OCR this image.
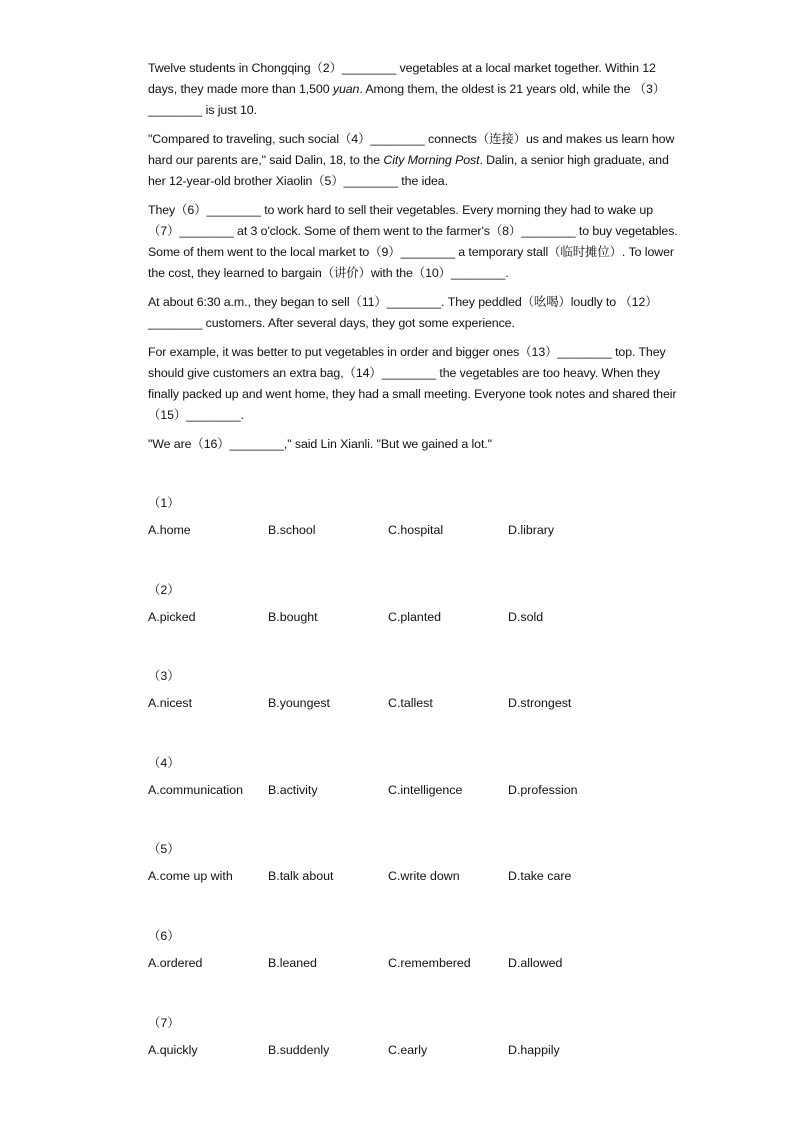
Twelve students in Chongqing（2）________ vegetables at a local market together. Within 12 days, they made more than 1,500 yuan. Among them, the oldest is 21 years old, while the （3）________ is just 10.

"Compared to traveling, such social（4）________ connects（连接）us and makes us learn how hard our parents are," said Dalin, 18, to the City Morning Post. Dalin, a senior high graduate, and her 12-year-old brother Xiaolin（5）________ the idea.

They（6）________ to work hard to sell their vegetables. Every morning they had to wake up（7）________ at 3 o'clock. Some of them went to the farmer's（8）________ to buy vegetables. Some of them went to the local market to（9）________ a temporary stall（临时摊位）. To lower the cost, they learned to bargain（讲价）with the（10）________.

At about 6:30 a.m., they began to sell（11）________. They peddled（吆喝）loudly to （12）________ customers. After several days, they got some experience.

For example, it was better to put vegetables in order and bigger ones（13）________ top. They should give customers an extra bag,（14）________ the vegetables are too heavy. When they finally packed up and went home, they had a small meeting. Everyone took notes and shared their（15）________.

"We are（16）________," said Lin Xianli. "But we gained a lot."

（1）
A.home	B.school	C.hospital	D.library
（2）
A.picked	B.bought	C.planted	D.sold
（3）
A.nicest	B.youngest	C.tallest	D.strongest
（4）
A.communication B.activity	C.intelligence	D.profession
（5）
A.come up with	B.talk about	C.write down	D.take care
（6）
A.ordered	B.leaned	C.remembered	D.allowed
（7）
A.quickly	B.suddenly	C.early	D.happily
